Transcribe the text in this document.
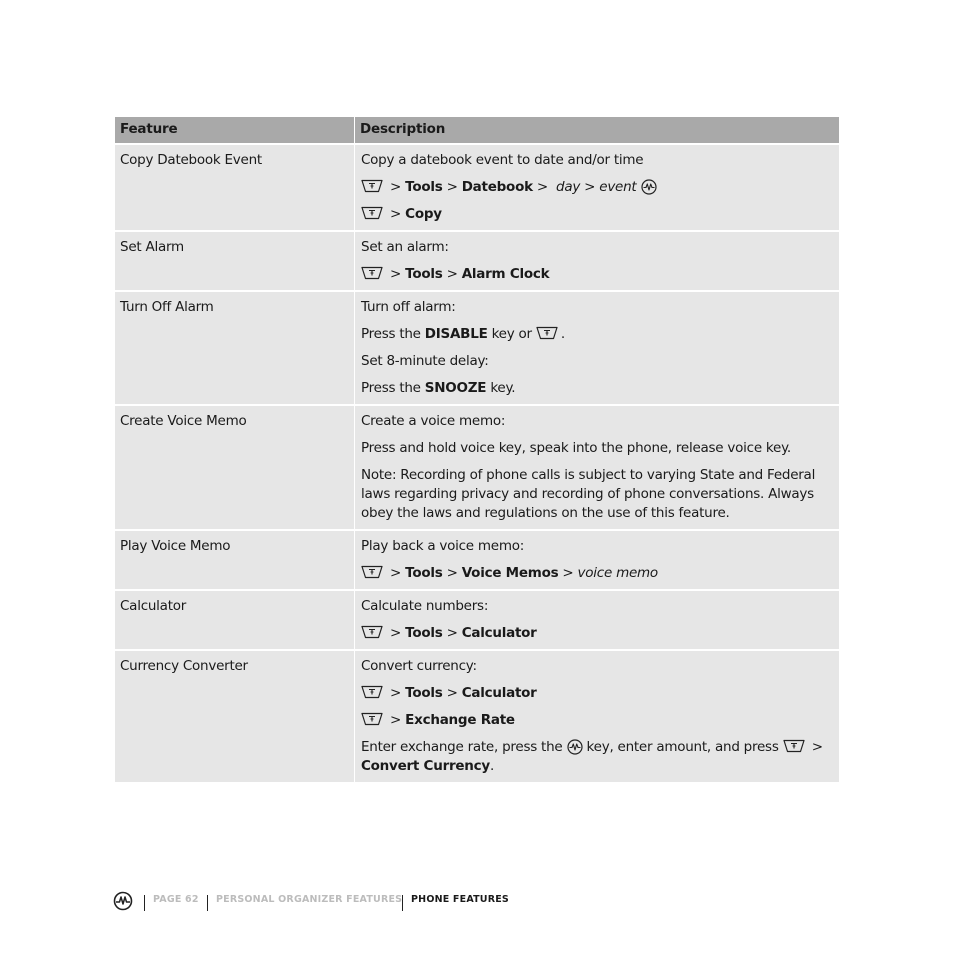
Feature	Description
Copy Datebook Event	Copy a datebook event to date and/or time
> Tools > Datebook >  day > event
> Copy
Set Alarm	Set an alarm:
> Tools > Alarm Clock
Turn Off Alarm	Turn off alarm:
Press the DISABLE key or .
Set 8-minute delay:
Press the SNOOZE key.
Create Voice Memo	Create a voice memo:
Press and hold voice key, speak into the phone, release voice key.
Note: Recording of phone calls is subject to varying State and Federal laws regarding privacy and recording of phone conversations. Always obey the laws and regulations on the use of this feature.
Play Voice Memo	Play back a voice memo:
> Tools > Voice Memos > voice memo
Calculator	Calculate numbers:
> Tools > Calculator
Currency Converter	Convert currency:
> Tools > Calculator
> Exchange Rate
Enter exchange rate, press the  key, enter amount, and press  > Convert Currency.
PAGE 62 PERSONAL ORGANIZER FEATURES PHONE FEATURES
